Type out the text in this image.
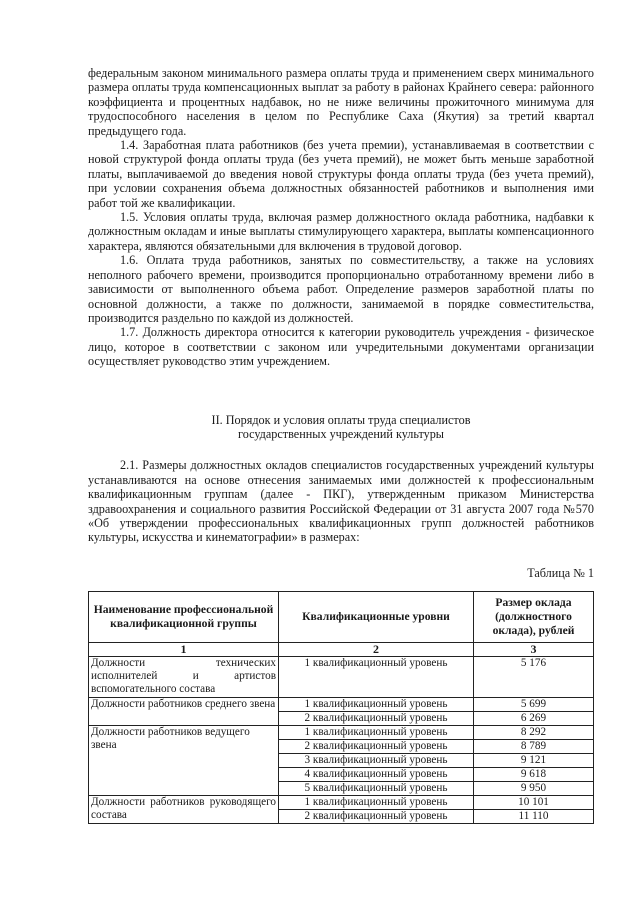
федеральным законом минимального размера оплаты труда и применением сверх минимального размера оплаты труда компенсационных выплат за работу в районах Крайнего севера: районного коэффициента и процентных надбавок, но не ниже величины прожиточного минимума для трудоспособного населения в целом по Республике Саха (Якутия) за третий квартал предыдущего года.

1.4. Заработная плата работников (без учета премии), устанавливаемая в соответствии с новой структурой фонда оплаты труда (без учета премий), не может быть меньше заработной платы, выплачиваемой до введения новой структуры фонда оплаты труда (без учета премий), при условии сохранения объема должностных обязанностей работников и выполнения ими работ той же квалификации.

1.5. Условия оплаты труда, включая размер должностного оклада работника, надбавки к должностным окладам и иные выплаты стимулирующего характера, выплаты компенсационного характера, являются обязательными для включения в трудовой договор.

1.6. Оплата труда работников, занятых по совместительству, а также на условиях неполного рабочего времени, производится пропорционально отработанному времени либо в зависимости от выполненного объема работ. Определение размеров заработной платы по основной должности, а также по должности, занимаемой в порядке совместительства, производится раздельно по каждой из должностей.

1.7. Должность директора относится к категории руководитель учреждения - физическое лицо, которое в соответствии с законом или учредительными документами организации осуществляет руководство этим учреждением.

II. Порядок и условия оплаты труда специалистов
государственных учреждений культуры

2.1. Размеры должностных окладов специалистов государственных учреждений культуры устанавливаются на основе отнесения занимаемых ими должностей к профессиональным квалификационным группам (далее - ПКГ), утвержденным приказом Министерства здравоохранения и социального развития Российской Федерации от 31 августа 2007 года №570 «Об утверждении профессиональных квалификационных групп должностей работников культуры, искусства и кинематографии» в размерах:

Таблица № 1
Наименование профессиональной квалификационной группы	Квалификационные уровни	Размер оклада (должностного оклада), рублей
1	2	3
Должности технических исполнителей и артистов вспомогательного состава	1 квалификационный уровень	5 176
Должности работников среднего звена	1 квалификационный уровень	5 699
	2 квалификационный уровень	6 269
Должности работников ведущего звена	1 квалификационный уровень	8 292
	2 квалификационный уровень	8 789
	3 квалификационный уровень	9 121
	4 квалификационный уровень	9 618
	5 квалификационный уровень	9 950
Должности работников руководящего состава	1 квалификационный уровень	10 101
	2 квалификационный уровень	11 110
